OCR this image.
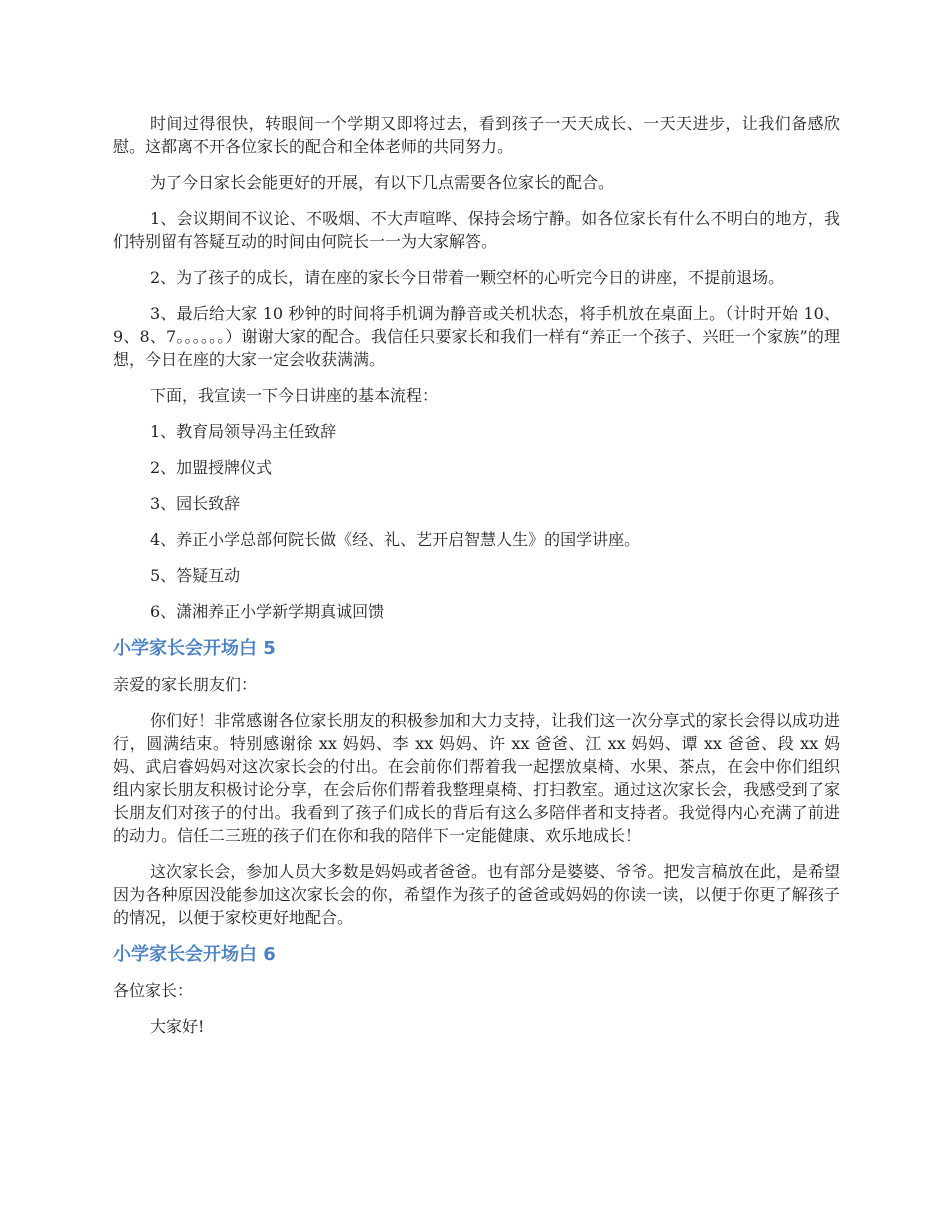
时间过得很快，转眼间一个学期又即将过去，看到孩子一天天成长、一天天进步，让我们备感欣慰。这都离不开各位家长的配合和全体老师的共同努力。

为了今日家长会能更好的开展，有以下几点需要各位家长的配合。

1、会议期间不议论、不吸烟、不大声喧哗、保持会场宁静。如各位家长有什么不明白的地方，我们特别留有答疑互动的时间由何院长一一为大家解答。

2、为了孩子的成长，请在座的家长今日带着一颗空杯的心听完今日的讲座，不提前退场。

3、最后给大家 10 秒钟的时间将手机调为静音或关机状态，将手机放在桌面上。（计时开始 10、9、8、7。。。。。。）谢谢大家的配合。我信任只要家长和我们一样有“养正一个孩子、兴旺一个家族”的理想，今日在座的大家一定会收获满满。

下面，我宣读一下今日讲座的基本流程：

1、教育局领导冯主任致辞

2、加盟授牌仪式

3、园长致辞

4、养正小学总部何院长做《经、礼、艺开启智慧人生》的国学讲座。

5、答疑互动

6、潇湘养正小学新学期真诚回馈

小学家长会开场白 5

亲爱的家长朋友们：

你们好！非常感谢各位家长朋友的积极参加和大力支持，让我们这一次分享式的家长会得以成功进行，圆满结束。特别感谢徐 xx 妈妈、李 xx 妈妈、许 xx 爸爸、江 xx 妈妈、谭 xx 爸爸、段 xx 妈妈、武启睿妈妈对这次家长会的付出。在会前你们帮着我一起摆放桌椅、水果、茶点，在会中你们组织组内家长朋友积极讨论分享，在会后你们帮着我整理桌椅、打扫教室。通过这次家长会，我感受到了家长朋友们对孩子的付出。我看到了孩子们成长的背后有这么多陪伴者和支持者。我觉得内心充满了前进的动力。信任二三班的孩子们在你和我的陪伴下一定能健康、欢乐地成长！

这次家长会，参加人员大多数是妈妈或者爸爸。也有部分是婆婆、爷爷。把发言稿放在此，是希望因为各种原因没能参加这次家长会的你，希望作为孩子的爸爸或妈妈的你读一读，以便于你更了解孩子的情况，以便于家校更好地配合。

小学家长会开场白 6

各位家长：

大家好!
